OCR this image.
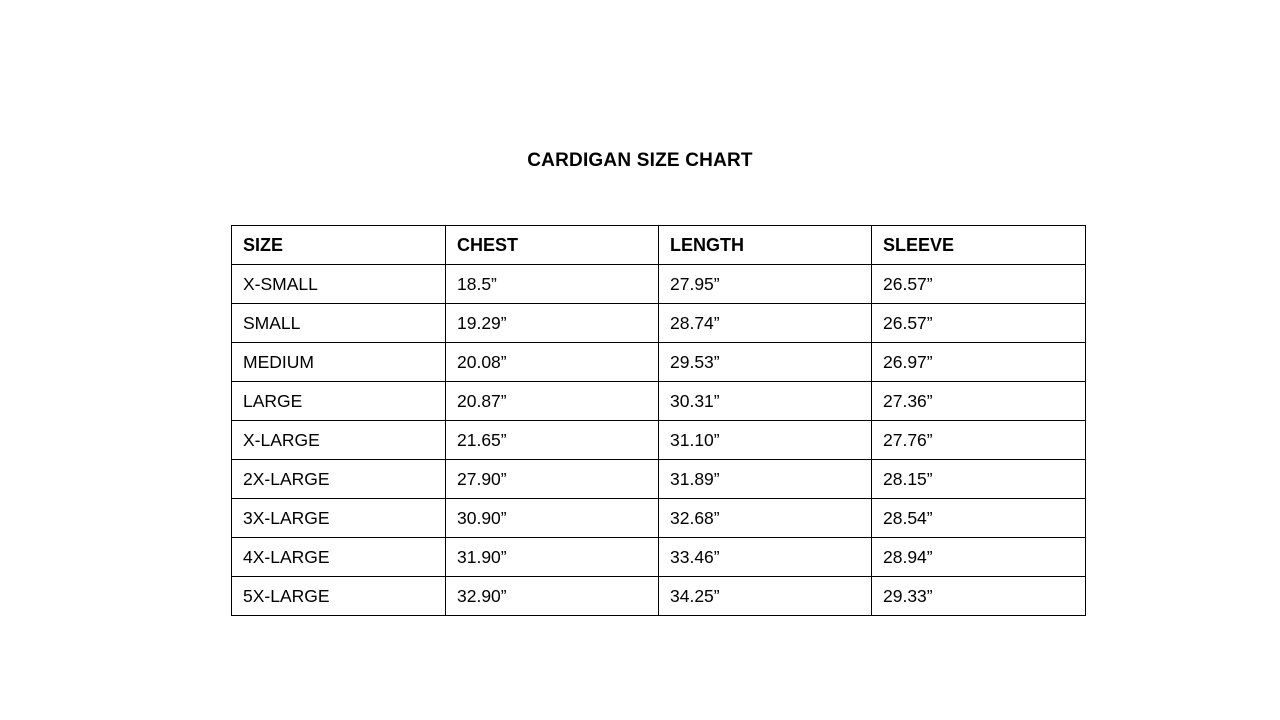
CARDIGAN SIZE CHART
SIZE	CHEST	LENGTH	SLEEVE
X-SMALL	18.5”	27.95”	26.57”
SMALL	19.29”	28.74”	26.57”
MEDIUM	20.08”	29.53”	26.97”
LARGE	20.87”	30.31”	27.36”
X-LARGE	21.65”	31.10”	27.76”
2X-LARGE	27.90”	31.89”	28.15”
3X-LARGE	30.90”	32.68”	28.54”
4X-LARGE	31.90”	33.46”	28.94”
5X-LARGE	32.90”	34.25”	29.33”
